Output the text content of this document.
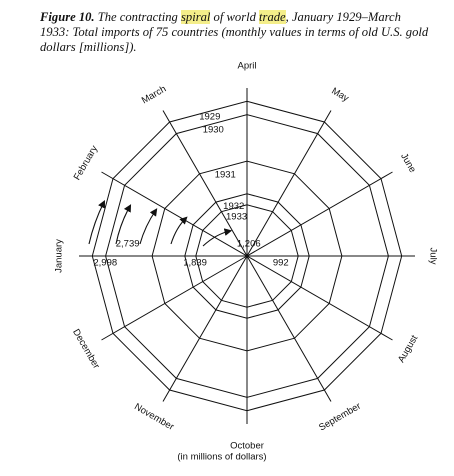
Figure 10. The contracting spiral of world trade, January 1929–March 1933: Total imports of 75 countries (monthly values in terms of old U.S. gold dollars [millions]).
1929
1930
1931
1932
1933
January
February
March
April
May
June
July
August
September
October
November
December
2,998
2,739
1,839
1,206
992
(in millions of dollars)
